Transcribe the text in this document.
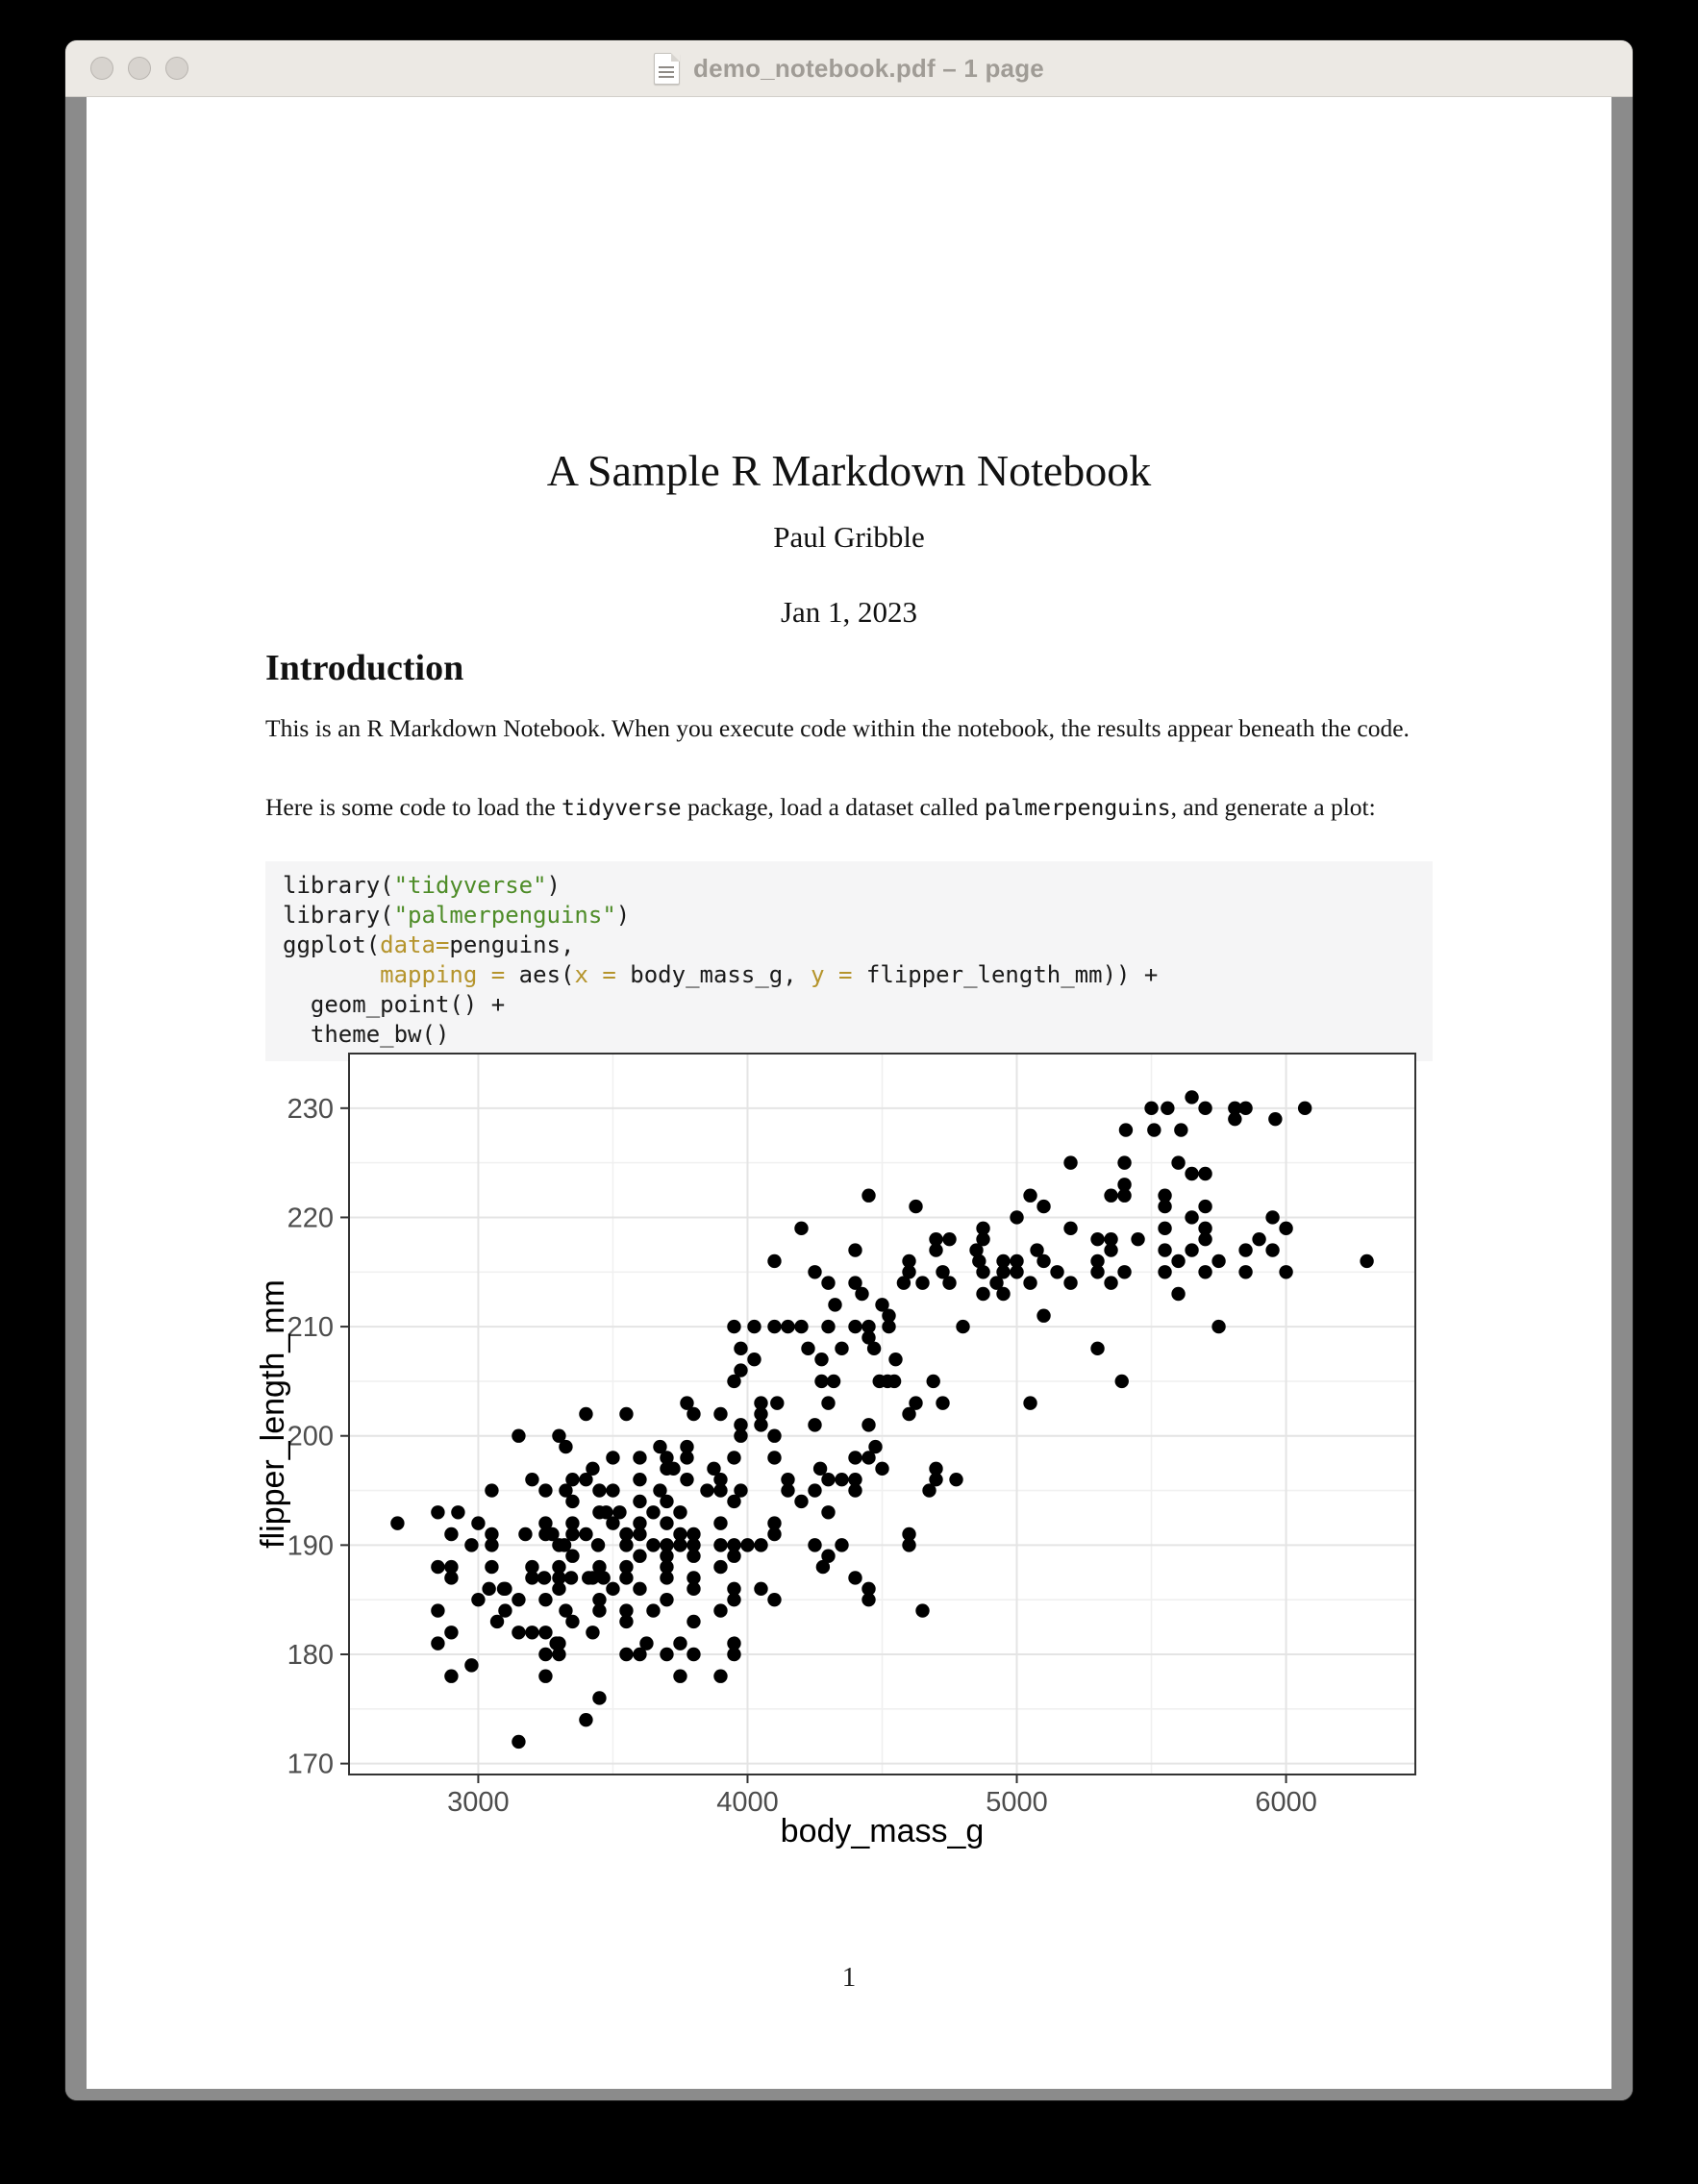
demo_notebook.pdf – 1 page
A Sample R Markdown Notebook
Paul Gribble
Jan 1, 2023
Introduction

This is an R Markdown Notebook. When you execute code within the notebook, the results appear beneath the code.

Here is some code to load the tidyverse package, load a dataset called palmerpenguins, and generate a plot:

library("tidyverse")
library("palmerpenguins")
ggplot(data=penguins,
mapping = aes(x = body_mass_g, y = flipper_length_mm)) +
geom_point() +
theme_bw()
3000	4000	5000	6000
170
180
190
200
210
220
230
body_mass_g
flipper_length_mm
1
